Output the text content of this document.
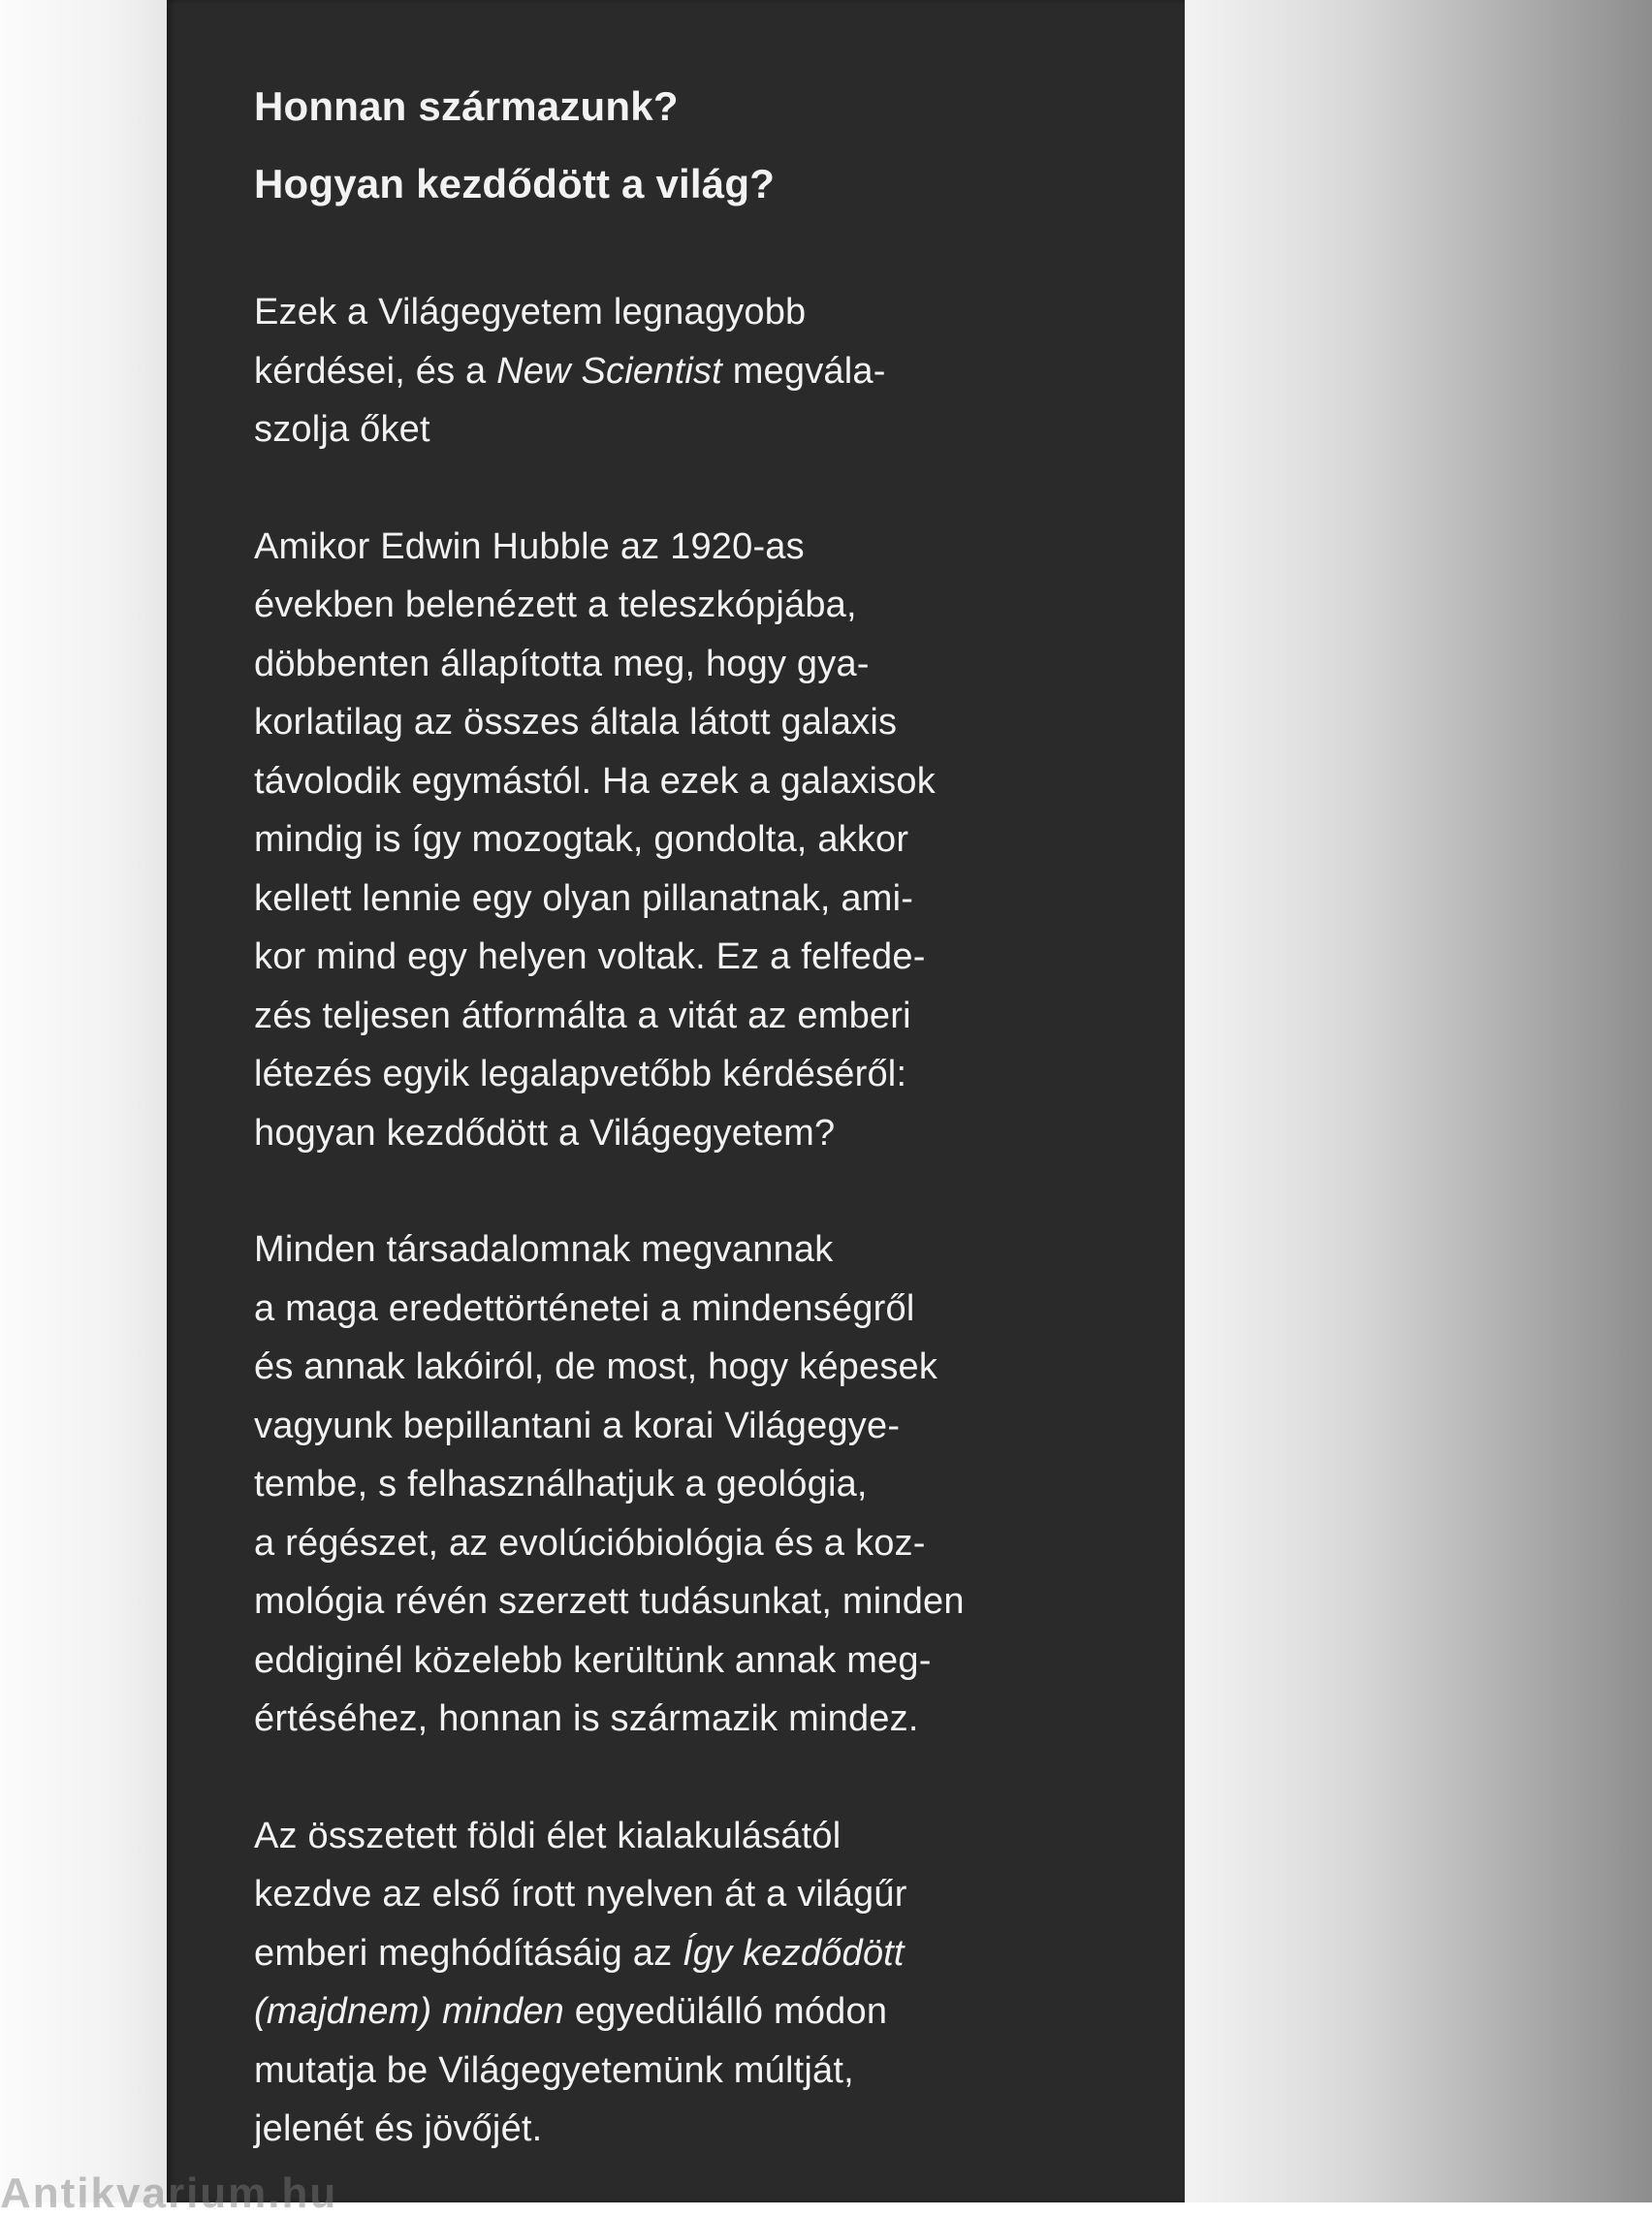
Honnan származunk?
Hogyan kezdődött a világ?

Ezek a Világegyetem legnagyobb
kérdései, és a New Scientist megvála-
szolja őket

Amikor Edwin Hubble az 1920-as
években belenézett a teleszkópjába,
döbbenten állapította meg, hogy gya-
korlatilag az összes általa látott galaxis
távolodik egymástól. Ha ezek a galaxisok
mindig is így mozogtak, gondolta, akkor
kellett lennie egy olyan pillanatnak, ami-
kor mind egy helyen voltak. Ez a felfede-
zés teljesen átformálta a vitát az emberi
létezés egyik legalapvetőbb kérdéséről:
hogyan kezdődött a Világegyetem?

Minden társadalomnak megvannak
a maga eredettörténetei a mindenségről
és annak lakóiról, de most, hogy képesek
vagyunk bepillantani a korai Világegye-
tembe, s felhasználhatjuk a geológia,
a régészet, az evolúcióbiológia és a koz-
mológia révén szerzett tudásunkat, minden
eddiginél közelebb kerültünk annak meg-
értéséhez, honnan is származik mindez.

Az összetett földi élet kialakulásától
kezdve az első írott nyelven át a világűr
emberi meghódításáig az Így kezdődött
(majdnem) minden egyedülálló módon
mutatja be Világegyetemünk múltját,
jelenét és jövőjét.

Antikvarium.hu
